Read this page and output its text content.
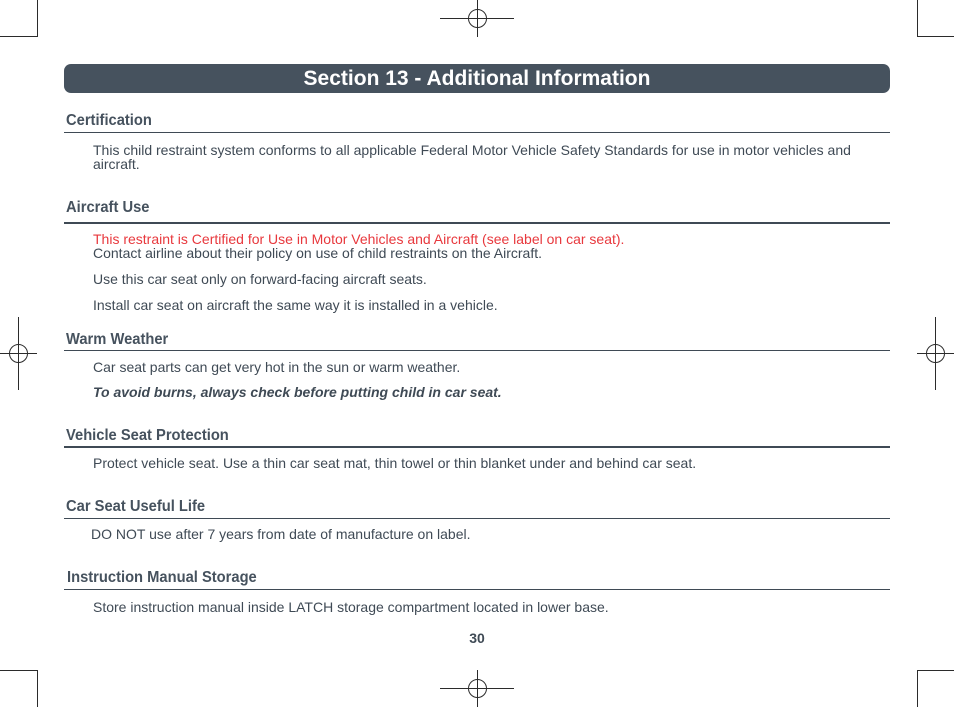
Section 13 - Additional Information
Certification
This child restraint system conforms to all applicable Federal Motor Vehicle Safety Standards for use in motor vehicles and aircraft.
Aircraft Use
This restraint is Certified for Use in Motor Vehicles and Aircraft (see label on car seat).
Contact airline about their policy on use of child restraints on the Aircraft.
Use this car seat only on forward-facing aircraft seats.
Install car seat on aircraft the same way it is installed in a vehicle.
Warm Weather
Car seat parts can get very hot in the sun or warm weather.
To avoid burns, always check before putting child in car seat.
Vehicle Seat Protection
Protect vehicle seat. Use a thin car seat mat, thin towel or thin blanket under and behind car seat.
Car Seat Useful Life
DO NOT use after 7 years from date of manufacture on label.
Instruction Manual Storage
Store instruction manual inside LATCH storage compartment located in lower base.
30
